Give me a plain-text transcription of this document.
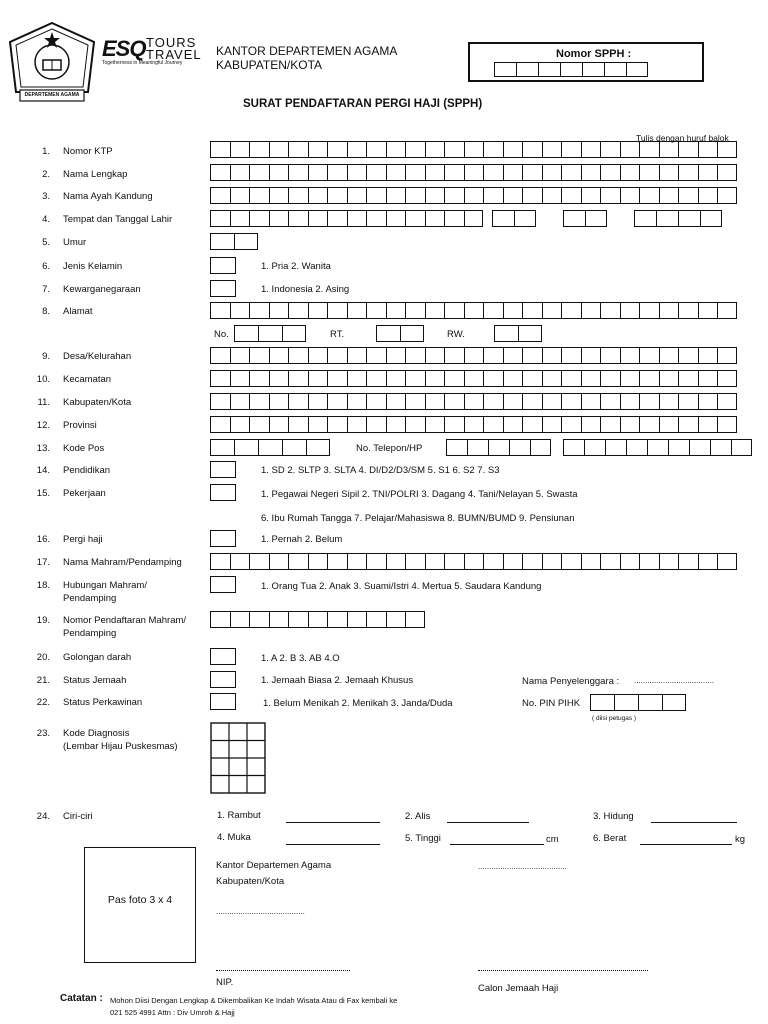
DEPARTEMEN AGAMA
ESQ TOURS
TRAVEL
Togetherness in Meaningful Journey
KANTOR DEPARTEMEN AGAMA
KABUPATEN/KOTA
Nomor SPPH :
SURAT PENDAFTARAN PERGI HAJI (SPPH)
Tulis dengan huruf balok
1. Nomor KTP
2. Nama Lengkap
3. Nama Ayah Kandung
4. Tempat dan Tanggal Lahir
5. Umur
6. Jenis Kelamin	1. Pria 2. Wanita
7. Kewarganegaraan	1. Indonesia 2. Asing
8. Alamat
No.	RT.	RW.
9. Desa/Kelurahan
10. Kecamatan
11. Kabupaten/Kota
12. Provinsi
13. Kode Pos	No. Telepon/HP
14. Pendidikan	1. SD 2. SLTP 3. SLTA 4. DI/D2/D3/SM 5. S1 6. S2 7. S3
15. Pekerjaan	1. Pegawai Negeri Sipil 2. TNI/POLRI 3. Dagang 4. Tani/Nelayan 5. Swasta
6. Ibu Rumah Tangga 7. Pelajar/Mahasiswa 8. BUMN/BUMD 9. Pensiunan
16. Pergi haji	1. Pernah 2. Belum
17. Nama Mahram/Pendamping
18. Hubungan Mahram/
Pendamping
1. Orang Tua 2. Anak 3. Suami/Istri 4. Mertua 5. Saudara Kandung
19. Nomor Pendaftaran Mahram/
Pendamping
20. Golongan darah	1. A 2. B 3. AB 4.O
21. Status Jemaah	1. Jemaah Biasa 2. Jemaah Khusus	Nama Penyelenggara : ....................................
22. Status Perkawinan	1. Belum Menikah 2. Menikah 3. Janda/Duda	No. PIN PIHK
( diisi petugas )
23. Kode Diagnosis
(Lembar Hijau Puskesmas)
24. Ciri-ciri	1. Rambut	2. Alis	3. Hidung
4. Muka	5. Tinggi	cm	6. Berat	kg
Pas foto 3 x 4
Kantor Departemen Agama
Kabupaten/Kota
........................................
........................................
NIP.
Calon Jemaah Haji
Catatan : Mohon Diisi Dengan Lengkap & Dikembalikan Ke Indah Wisata Atau di Fax kembali ke
021 525 4991 Attn : Div Umroh & Hajj
